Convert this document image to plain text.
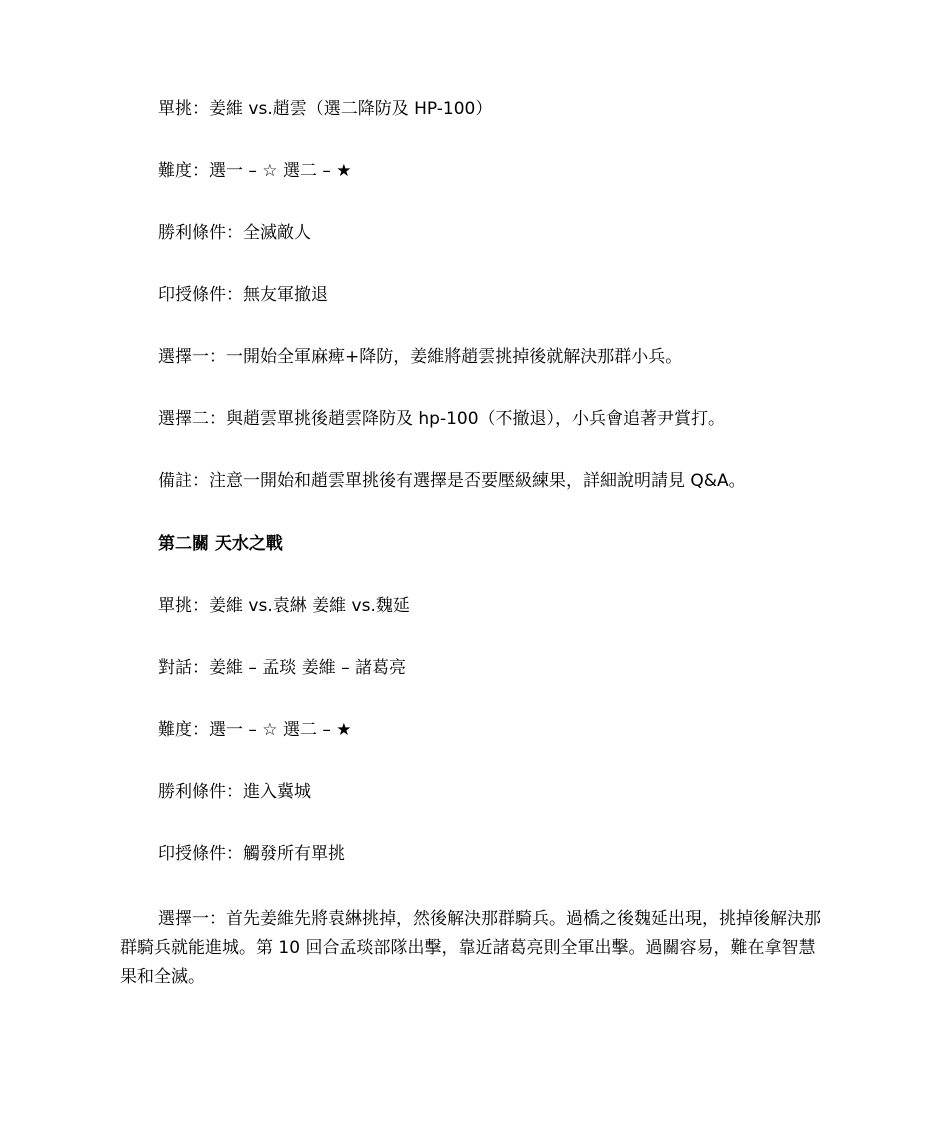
單挑：姜維 vs.趙雲（選二降防及 HP-100）
難度：選一 – ☆ 選二 – ★
勝利條件：全滅敵人
印授條件：無友軍撤退
選擇一：一開始全軍麻痺+降防，姜維將趙雲挑掉後就解決那群小兵。
選擇二：與趙雲單挑後趙雲降防及 hp-100（不撤退），小兵會追著尹賞打。
備註：注意一開始和趙雲單挑後有選擇是否要壓級練果，詳細說明請見 Q&A。
第二關 天水之戰
單挑：姜維 vs.袁綝 姜維 vs.魏延
對話：姜維 – 孟琰 姜維 – 諸葛亮
難度：選一 – ☆ 選二 – ★
勝利條件：進入冀城
印授條件：觸發所有單挑
選擇一：首先姜維先將袁綝挑掉，然後解決那群騎兵。過橋之後魏延出現，挑掉後解決那群騎兵就能進城。第 10 回合孟琰部隊出擊，靠近諸葛亮則全軍出擊。過關容易，難在拿智慧果和全滅。
